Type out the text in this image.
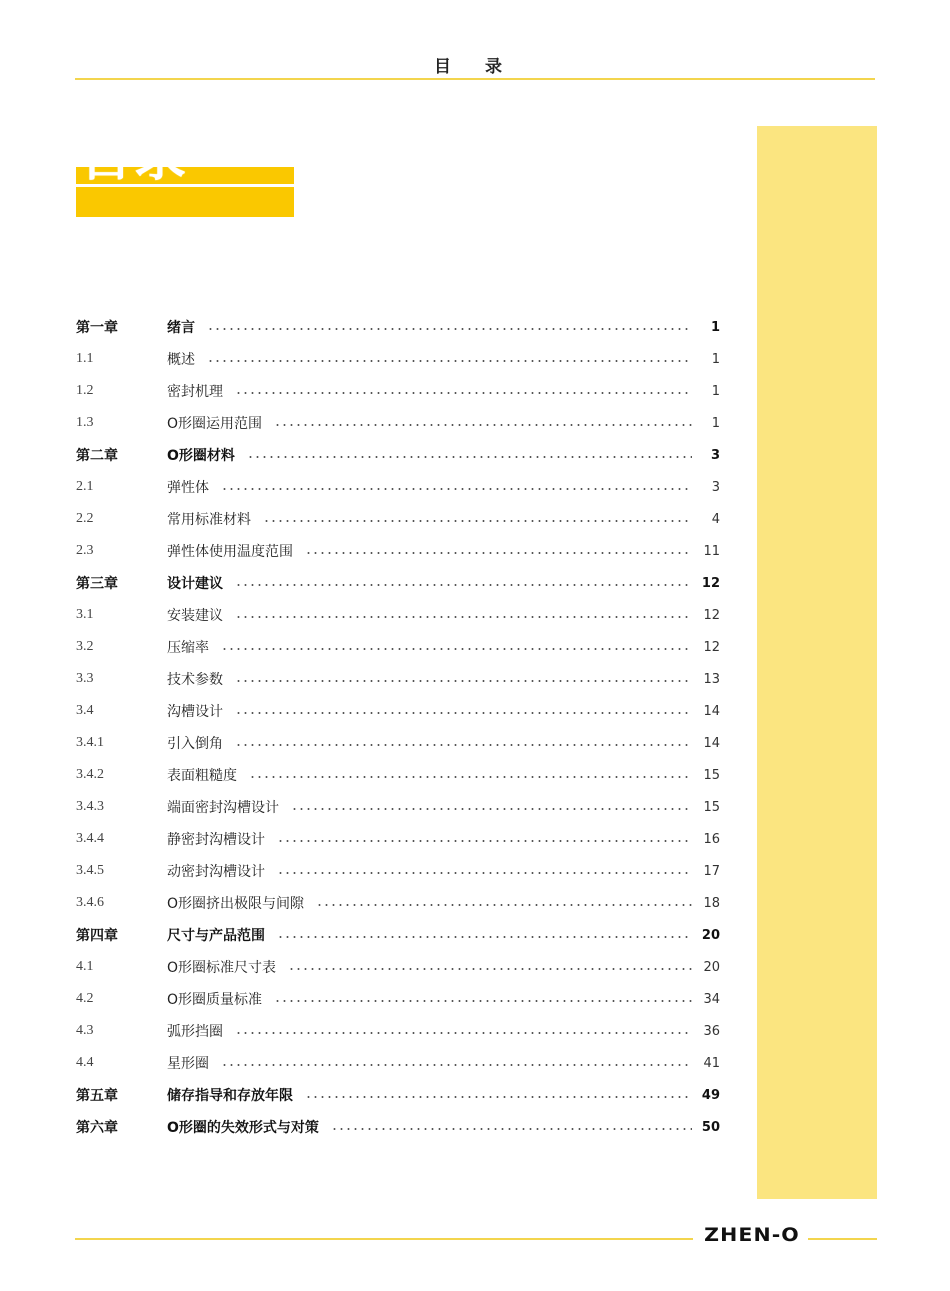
目 录
目录
第一章	绪言	1
1.1	概述	1
1.2	密封机理	1
1.3	O形圈运用范围	1
第二章	O形圈材料	3
2.1	弹性体	3
2.2	常用标准材料	4
2.3	弹性体使用温度范围	11
第三章	设计建议	12
3.1	安装建议	12
3.2	压缩率	12
3.3	技术参数	13
3.4	沟槽设计	14
3.4.1	引入倒角	14
3.4.2	表面粗糙度	15
3.4.3	端面密封沟槽设计	15
3.4.4	静密封沟槽设计	16
3.4.5	动密封沟槽设计	17
3.4.6	O形圈挤出极限与间隙	18
第四章	尺寸与产品范围	20
4.1	O形圈标准尺寸表	20
4.2	O形圈质量标准	34
4.3	弧形挡圈	36
4.4	星形圈	41
第五章	储存指导和存放年限	49
第六章	O形圈的失效形式与对策	50
ZHEN-O
